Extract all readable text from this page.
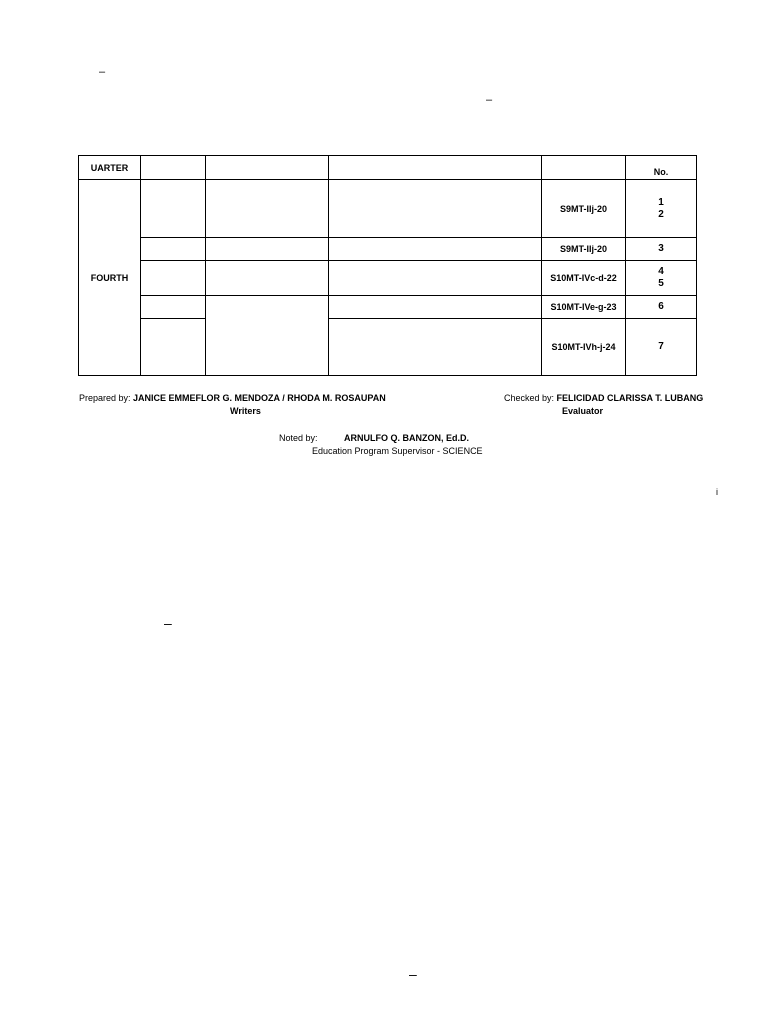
–
–
UARTER					No.
FOURTH				S9MT-IIj-20	1
2
				S9MT-IIj-20	3
				S10MT-IVc-d-22	4
5
				S10MT-IVe-g-23	6
				S10MT-IVh-j-24	7
Prepared by: JANICE EMMEFLOR G. MENDOZA / RHODA M. ROSAUPAN
Writers
Checked by: FELICIDAD CLARISSA T. LUBANG
Evaluator
Noted by:	ARNULFO Q. BANZON, Ed.D.
Education Program Supervisor - SCIENCE
i
–
–
